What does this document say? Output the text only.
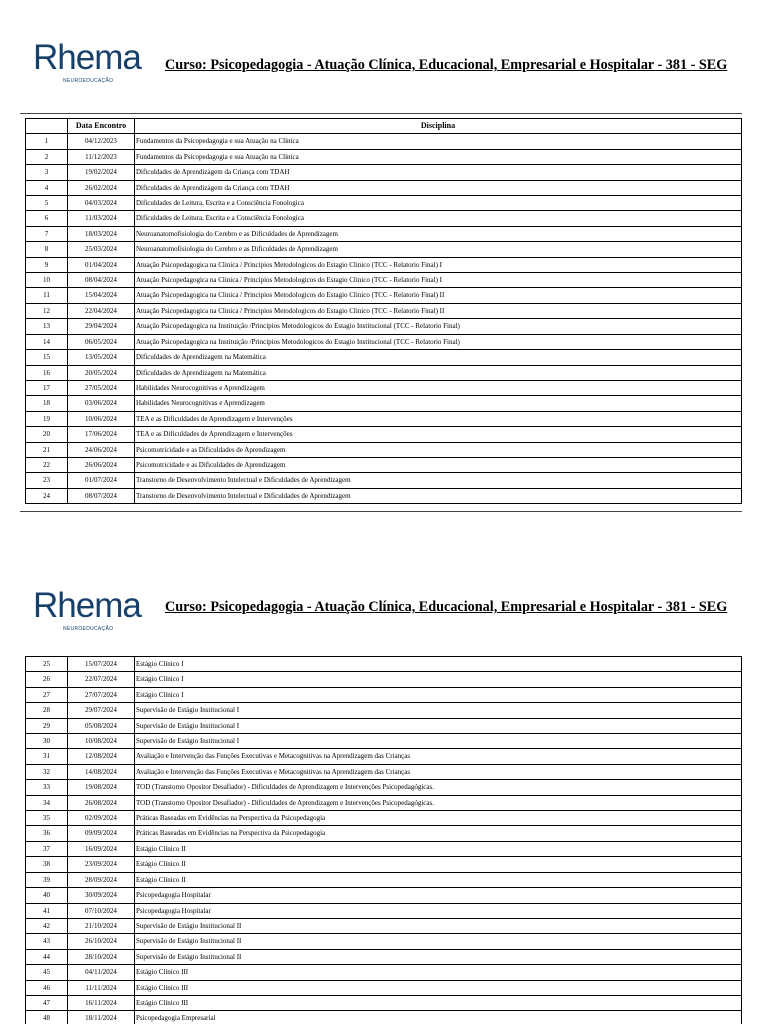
Rhema
NEUROEDUCAÇÃO
Curso: Psicopedagogia - Atuação Clínica, Educacional, Empresarial e Hospitalar - 381 - SEG
	Data Encontro	Disciplina
1	04/12/2023	Fundamentos da Psicopedagogia e sua Atuação na Clínica
2	11/12/2023	Fundamentos da Psicopedagogia e sua Atuação na Clínica
3	19/02/2024	Dificuldades de Aprendizagem da Criança com TDAH
4	26/02/2024	Dificuldades de Aprendizagem da Criança com TDAH
5	04/03/2024	Dificuldades de Leitura, Escrita e a Consciência Fonologica
6	11/03/2024	Dificuldades de Leitura, Escrita e a Consciência Fonologica
7	18/03/2024	Neuroanatomofisiologia do Cerebro e as Dificuldades de Aprendizagem
8	25/03/2024	Neuroanatomofisiologia do Cerebro e as Dificuldades de Aprendizagem
9	01/04/2024	Atuação Psicopedagogica na Clinica / Principios Metodologicos do Estagio Clinico (TCC - Relatorio Final) I
10	08/04/2024	Atuação Psicopedagogica na Clinica / Principios Metodologicos do Estagio Clinico (TCC - Relatorio Final) I
11	15/04/2024	Atuação Psicopedagogica na Clinica / Principios Metodologicos do Estagio Clinico (TCC - Relatorio Final) II
12	22/04/2024	Atuação Psicopedagogica na Clinica / Principios Metodologicos do Estagio Clinico (TCC - Relatorio Final) II
13	29/04/2024	Atuação Psicopedagogica na Instituição /Principios Metodologicos do Estagio Institucional (TCC - Relatorio Final)
14	06/05/2024	Atuação Psicopedagogica na Instituição /Principios Metodologicos do Estagio Institucional (TCC - Relatorio Final)
15	13/05/2024	Dificuldades de Aprendizagem na Matemática
16	20/05/2024	Dificuldades de Aprendizagem na Matemática
17	27/05/2024	Habilidades Neurocognitivas e Aprendizagem
18	03/06/2024	Habilidades Neurocognitivas e Aprendizagem
19	10/06/2024	TEA e as Dificuldades de Aprendizagem e Intervenções
20	17/06/2024	TEA e as Dificuldades de Aprendizagem e Intervenções
21	24/06/2024	Psicomotricidade e as Dificuldades de Aprendizagem
22	26/06/2024	Psicomotricidade e as Dificuldades de Aprendizagem
23	01/07/2024	Transtorno de Desenvolvimento Intelectual e Dificuldades de Aprendizagem
24	08/07/2024	Transtorno de Desenvolvimento Intelectual e Dificuldades de Aprendizagem
Rhema
NEUROEDUCAÇÃO
Curso: Psicopedagogia - Atuação Clínica, Educacional, Empresarial e Hospitalar - 381 - SEG
25	15/07/2024	Estágio Clínico I
26	22/07/2024	Estágio Clínico I
27	27/07/2024	Estágio Clínico I
28	29/07/2024	Supervisão de Estágio Institucional I
29	05/08/2024	Supervisão de Estágio Institucional I
30	10/08/2024	Supervisão de Estágio Institucional I
31	12/08/2024	Avaliação e Intervenção das Funções Executivas e Metacognitivas na Aprendizagem das Crianças
32	14/08/2024	Avaliação e Intervenção das Funções Executivas e Metacognitivas na Aprendizagem das Crianças
33	19/08/2024	TOD (Transtorno Opositor Desafiador) - Dificuldades de Aprendizagem e Intervenções Psicopedagógicas.
34	26/08/2024	TOD (Transtorno Opositor Desafiador) - Dificuldades de Aprendizagem e Intervenções Psicopedagógicas.
35	02/09/2024	Práticas Baseadas em Evidências na Perspectiva da Psicopedagogia
36	09/09/2024	Práticas Baseadas em Evidências na Perspectiva da Psicopedagogia
37	16/09/2024	Estágio Clínico II
38	23/09/2024	Estágio Clínico II
39	28/09/2024	Estágio Clínico II
40	30/09/2024	Psicopedagogia Hospitalar
41	07/10/2024	Psicopedagogia Hospitalar
42	21/10/2024	Supervisão de Estágio Institucional II
43	26/10/2024	Supervisão de Estágio Institucional II
44	28/10/2024	Supervisão de Estágio Institucional II
45	04/11/2024	Estágio Clínico III
46	11/11/2024	Estágio Clínico III
47	16/11/2024	Estágio Clínico III
48	18/11/2024	Psicopedagogia Empresarial
